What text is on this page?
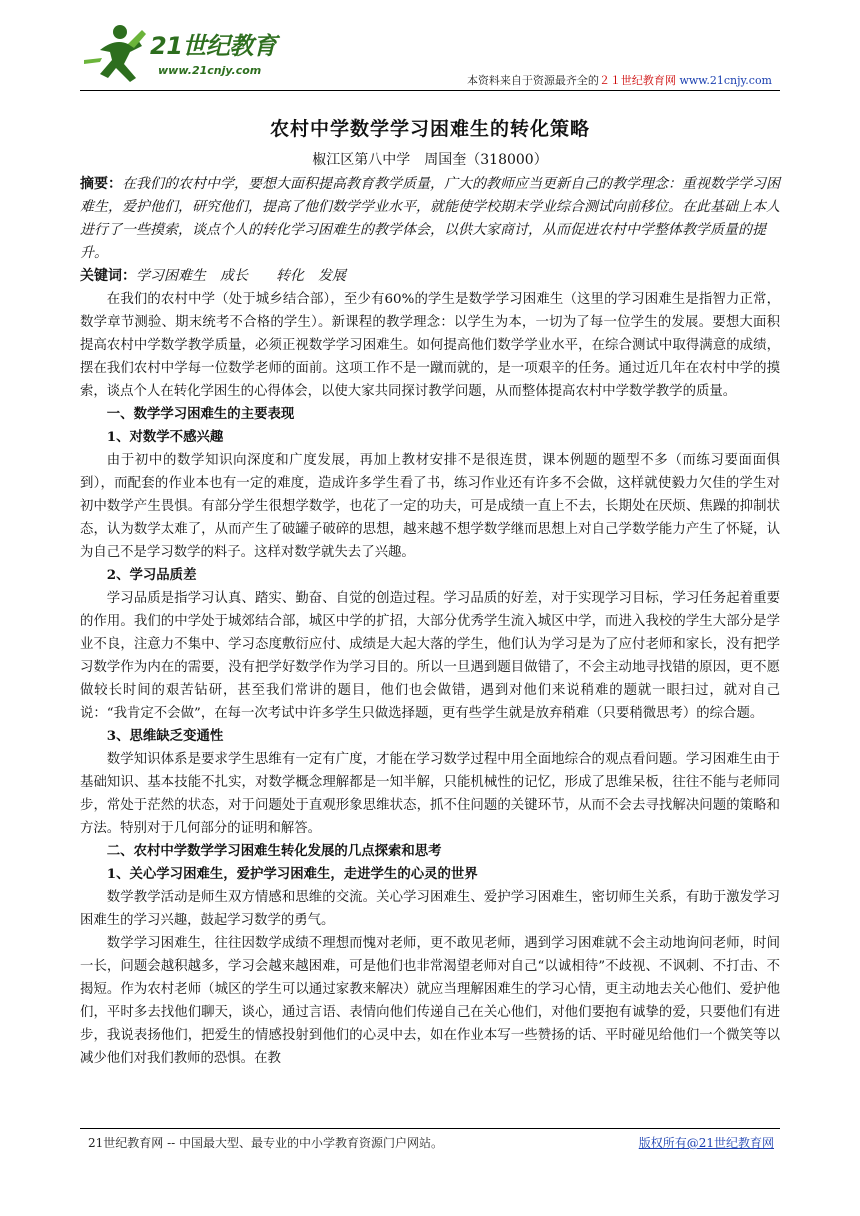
21世纪教育
www.21cnjy.com
本资料来自于资源最齐全的２１世纪教育网 www.21cnjy.com
农村中学数学学习困难生的转化策略
椒江区第八中学　周国奎（318000）
摘要：在我们的农村中学，要想大面积提高教育教学质量，广大的教师应当更新自己的教学理念：重视数学学习困难生，爱护他们，研究他们，提高了他们数学学业水平，就能使学校期末学业综合测试向前移位。在此基础上本人进行了一些摸索，谈点个人的转化学习困难生的教学体会，以供大家商讨，从而促进农村中学整体教学质量的提升。
关键词：学习困难生　成长　　转化　发展

在我们的农村中学（处于城乡结合部），至少有60%的学生是数学学习困难生（这里的学习困难生是指智力正常，数学章节测验、期末统考不合格的学生）。新课程的教学理念：以学生为本，一切为了每一位学生的发展。要想大面积提高农村中学数学教学质量，必须正视数学学习困难生。如何提高他们数学学业水平，在综合测试中取得满意的成绩，摆在我们农村中学每一位数学老师的面前。这项工作不是一蹴而就的，是一项艰辛的任务。通过近几年在农村中学的摸索，谈点个人在转化学困生的心得体会，以使大家共同探讨教学问题，从而整体提高农村中学数学教学的质量。

一、数学学习困难生的主要表现
1、对数学不感兴趣

由于初中的数学知识向深度和广度发展，再加上教材安排不是很连贯，课本例题的题型不多（而练习要面面俱到），而配套的作业本也有一定的难度，造成许多学生看了书，练习作业还有许多不会做，这样就使毅力欠佳的学生对初中数学产生畏惧。有部分学生很想学数学，也花了一定的功夫，可是成绩一直上不去，长期处在厌烦、焦躁的抑制状态，认为数学太难了，从而产生了破罐子破碎的思想，越来越不想学数学继而思想上对自己学数学能力产生了怀疑，认为自己不是学习数学的料子。这样对数学就失去了兴趣。

2、学习品质差

学习品质是指学习认真、踏实、勤奋、自觉的创造过程。学习品质的好差，对于实现学习目标，学习任务起着重要的作用。我们的中学处于城郊结合部，城区中学的扩招，大部分优秀学生流入城区中学，而进入我校的学生大部分是学业不良，注意力不集中、学习态度敷衍应付、成绩是大起大落的学生，他们认为学习是为了应付老师和家长，没有把学习数学作为内在的需要，没有把学好数学作为学习目的。所以一旦遇到题目做错了，不会主动地寻找错的原因，更不愿做较长时间的艰苦钻研，甚至我们常讲的题目，他们也会做错，遇到对他们来说稍难的题就一眼扫过，就对自己说：“我肯定不会做”，在每一次考试中许多学生只做选择题，更有些学生就是放弃稍难（只要稍微思考）的综合题。

3、思维缺乏变通性

数学知识体系是要求学生思维有一定有广度，才能在学习数学过程中用全面地综合的观点看问题。学习困难生由于基础知识、基本技能不扎实，对数学概念理解都是一知半解，只能机械性的记忆，形成了思维呆板，往往不能与老师同步，常处于茫然的状态，对于问题处于直观形象思维状态，抓不住问题的关键环节，从而不会去寻找解决问题的策略和方法。特别对于几何部分的证明和解答。

二、农村中学数学学习困难生转化发展的几点探索和思考
1、关心学习困难生，爱护学习困难生，走进学生的心灵的世界

数学教学活动是师生双方情感和思维的交流。关心学习困难生、爱护学习困难生，密切师生关系，有助于激发学习困难生的学习兴趣，鼓起学习数学的勇气。

数学学习困难生，往往因数学成绩不理想而愧对老师，更不敢见老师，遇到学习困难就不会主动地询问老师，时间一长，问题会越积越多，学习会越来越困难，可是他们也非常渴望老师对自己“以诚相待”不歧视、不讽刺、不打击、不揭短。作为农村老师（城区的学生可以通过家教来解决）就应当理解困难生的学习心情，更主动地去关心他们、爱护他们，平时多去找他们聊天，谈心，通过言语、表情向他们传递自己在关心他们，对他们要抱有诚挚的爱，只要他们有进步，我说表扬他们，把爱生的情感投射到他们的心灵中去，如在作业本写一些赞扬的话、平时碰见给他们一个微笑等以减少他们对我们教师的恐惧。在教

21世纪教育网 -- 中国最大型、最专业的中小学教育资源门户网站。	版权所有@21世纪教育网
